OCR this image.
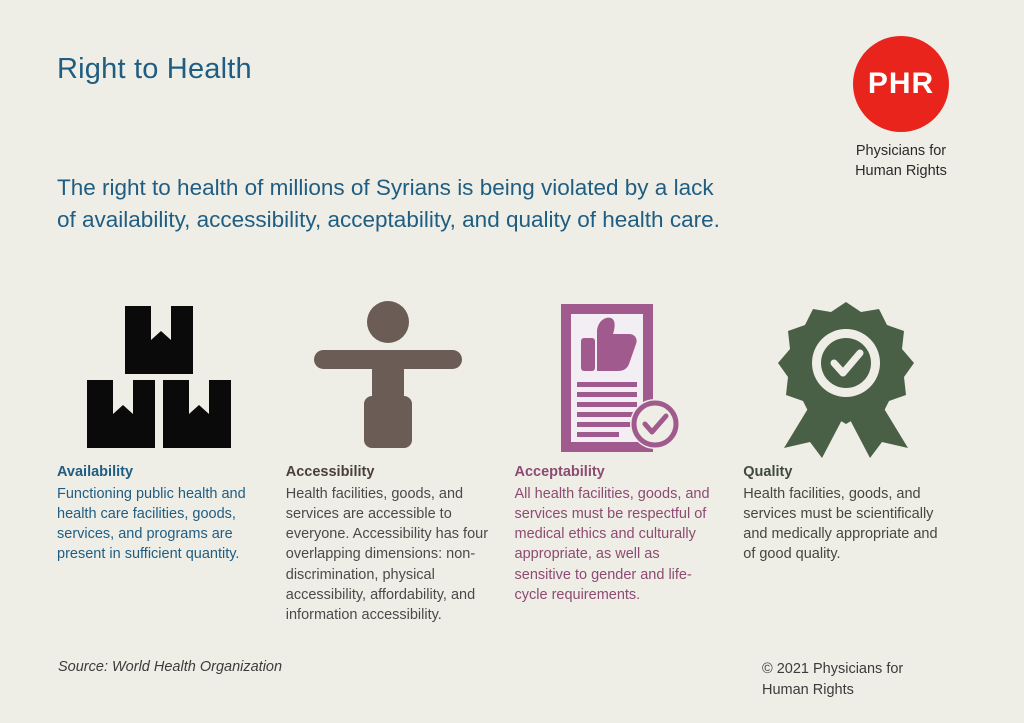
Right to Health	PHR
Physicians for
Human Rights
The right to health of millions of Syrians is being violated by a lack of availability, accessibility, acceptability, and quality of health care.
Availability
Functioning public health and health care facilities, goods, services, and programs are present in sufficient quantity.
Accessibility
Health facilities, goods, and services are accessible to everyone. Accessibility has four overlapping dimensions: non-discrimination, physical accessibility, affordability, and information accessibility.
Acceptability
All health facilities, goods, and services must be respectful of medical ethics and culturally appropriate, as well as sensitive to gender and life-cycle requirements.
Quality
Health facilities, goods, and services must be scientifically and medically appropriate and of good quality.
Source: World Health Organization	© 2021 Physicians for
Human Rights
